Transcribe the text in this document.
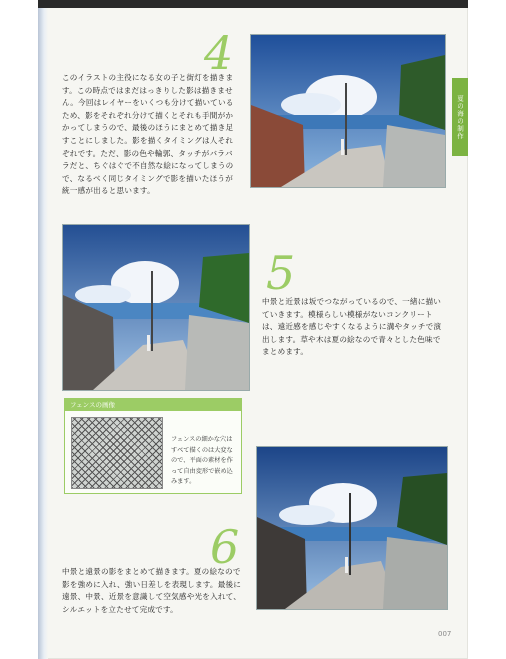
夏の海の制作
4
このイラストの主役になる女の子と街灯を描きます。この時点ではまだはっきりした影は描きません。今回はレイヤーをいくつも分けて描いているため、影をそれぞれ分けて描くとそれも手間がかかってしまうので、最後のほうにまとめて描き足すことにしました。影を描くタイミングは人それぞれです。ただ、影の色や輪郭、タッチがバラバラだと、ちぐはぐで不自然な絵になってしまうので、なるべく同じタイミングで影を描いたほうが統一感が出ると思います。
5
中景と近景は坂でつながっているので、一緒に描いていきます。模様らしい模様がないコンクリートは、遠近感を感じやすくなるように溝やタッチで演出します。草や木は夏の絵なので青々とした色味でまとめます。
フェンスの画像
フェンスの細かな穴はすべて描くのは大変なので、平面の素材を作って自由変形で嵌め込みます。
6
中景と遠景の影をまとめて描きます。夏の絵なので影を強めに入れ、強い日差しを表現します。最後に遠景、中景、近景を意識して空気感や光を入れて、シルエットを立たせて完成です。
007
